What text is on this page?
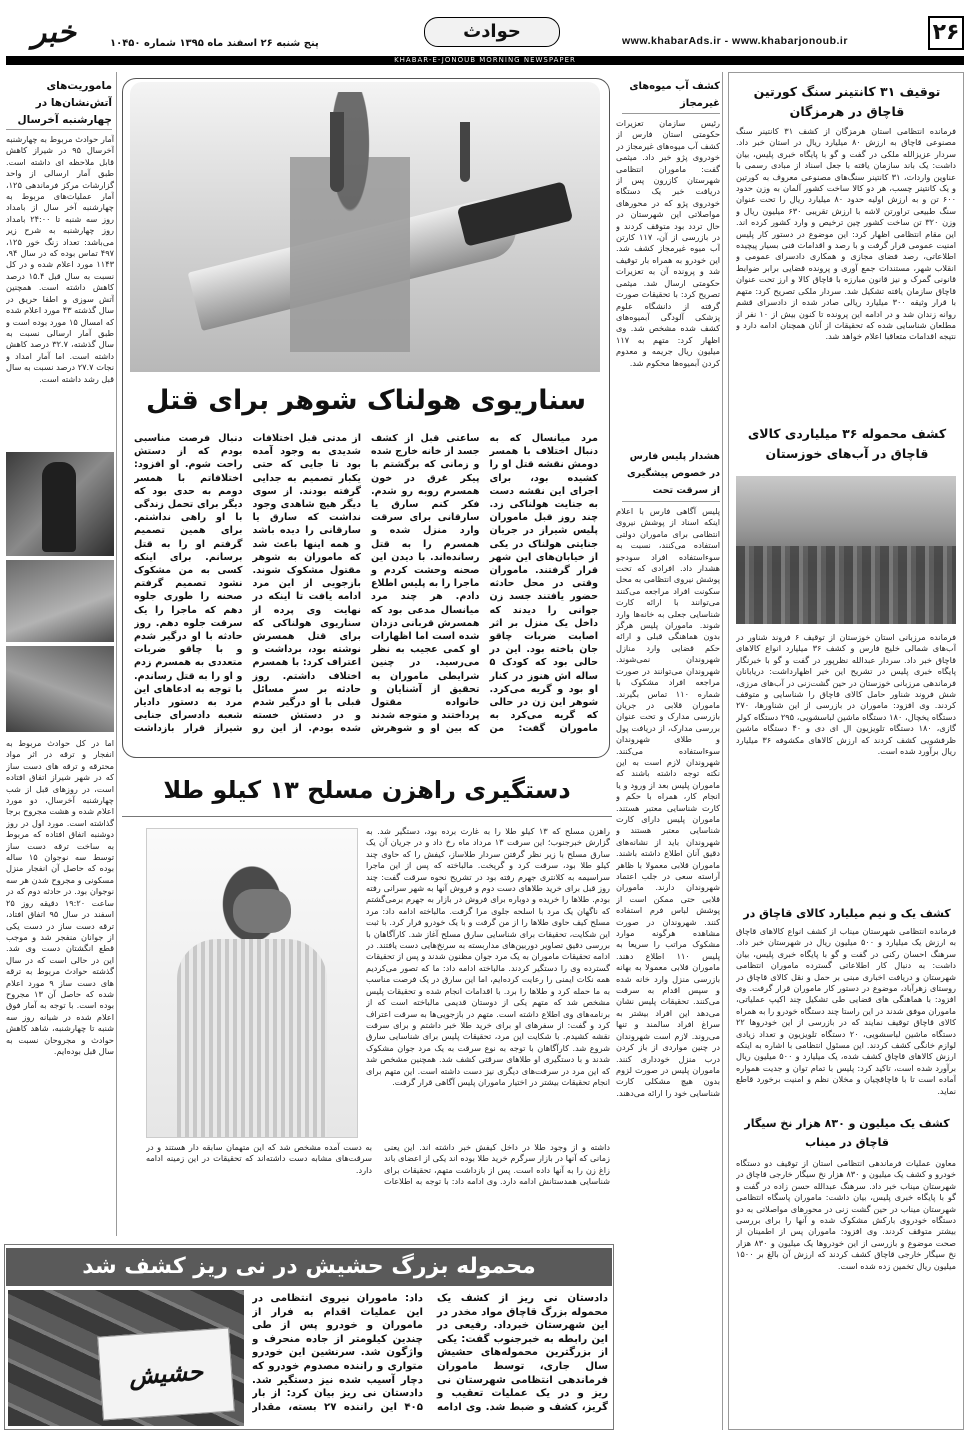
۲۶
www.khabarAds.ir - www.khabarjonoub.ir
حوادث
پنج شنبه ۲۶ اسفند ماه ۱۳۹۵ شماره ۱۰۴۵۰
خبر
KHABAR-E-JONOUB MORNING NEWSPAPER
توقیف ۳۱ کانتینر سنگ کورتین قاچاق در هرمزگان
فرمانده انتظامی استان هرمزگان از کشف ۳۱ کانتینر سنگ مصنوعی قاچاق به ارزش ۸۰ میلیارد ریال در استان خبر داد. سردار عزیزالله ملکی در گفت و گو با پایگاه خبری پلیس، بیان داشت: یک باند سازمان یافته با جعل اسناد از مبادی رسمی با عناوین واردات، ۳۱ کانتینر سنگ‌های مصنوعی معروف به کورتین و یک کانتینر چسب، هر دو کالا ساخت کشور آلمان به وزن حدود ۶۰۰ تن و به ارزش اولیه حدود ۸۰ میلیارد ریال را تحت عنوان سنگ طبیعی تراورتن لاشه با ارزش تقریبی ۶۳۰ میلیون ریال و وزن ۳۲۰ تن ساخت کشور چین ترخیص و وارد کشور کرده اند. این مقام انتظامی اظهار کرد: این موضوع در دستور کار پلیس امنیت عمومی قرار گرفت و با رصد و اقدامات فنی بسیار پیچیده اطلاعاتی، رصد فضای مجازی و همکاری دادسرای عمومی و انقلاب شهر، مستندات جمع آوری و پرونده قضایی برابر ضوابط قانونی گمرک و نیز قانون مبارزه با قاچاق کالا و ارز تحت عنوان قاچاق سازمان یافته تشکیل شد. سردار ملکی تصریح کرد: متهم با قرار وثیقه ۳۰۰ میلیارد ریالی صادر شده از دادسرای قشم روانه زندان شد و در ادامه این پرونده تا کنون بیش از ۱۰ نفر از مطلعان شناسایی شده که تحقیقات از آنان همچنان ادامه دارد و نتیجه اقدامات متعاقبا اعلام خواهد شد.
کشف محموله ۳۶ میلیاردی کالای قاچاق در آب‌های خوزستان
فرمانده مرزبانی استان خوزستان از توقیف ۶ فروند شناور در آب‌های شمالی خلیج فارس و کشف ۳۶ میلیارد انواع کالاهای قاچاق خبر داد. سردار عبدالله نظرپور در گفت و گو با خبرنگار پایگاه خبری پلیس در تشریح این خبر اظهارداشت: دریابانان فرماندهی مرزبانی خوزستان در حین گشت‌زنی در آب‌های مرزی، شش فروند شناور حامل کالای قاچاق را شناسایی و متوقف کردند. وی افزود: ماموران در بازرسی از این شناورها، ۲۷۰ دستگاه یخچال، ۱۸۰ دستگاه ماشین لباسشویی، ۲۹۵ دستگاه کولر گازی، ۱۸۰ دستگاه تلویزیون ال ای دی و ۴۰ دستگاه ماشین ظرفشویی کشف کردند که ارزش کالاهای مکشوفه ۳۶ میلیارد ریال برآورد شده است.
کشف یک و نیم میلیارد کالای قاچاق در
فرمانده انتظامی شهرستان میناب از کشف انواع کالاهای قاچاق به ارزش یک میلیارد و ۵۰۰ میلیون ریال در شهرستان خبر داد. سرهنگ احسان رکنی در گفت و گو با پایگاه خبری پلیس، بیان داشت: به دنبال کار اطلاعاتی گسترده ماموران انتظامی شهرستان و دریافت اخباری مبنی بر حمل و نقل کالای قاچاق در روستای زهرآباد، موضوع در دستور کار ماموران قرار گرفت. وی افزود: با هماهنگی های قضایی طی تشکیل چند اکیپ عملیاتی، ماموران موفق شدند در این راستا چند دستگاه خودرو را به همراه کالای قاچاق توقیف نمایند که در بازرسی از این خودروها ۲۲ دستگاه ماشین لباسشویی، ۲۰ دستگاه تلویزیون و تعداد زیادی لوازم خانگی کشف کردند. این مسئول انتظامی با اشاره به اینکه ارزش کالاهای قاچاق کشف شده، یک میلیارد و ۵۰۰ میلیون ریال برآورد شده است، تاکید کرد: پلیس با تمام توان و جدیت همواره آماده است تا با قاچاقچیان و مخلان نظم و امنیت برخورد قاطع نماید.
کشف یک میلیون و ۸۳۰ هزار نخ سیگار قاچاق در میناب
معاون عملیات فرماندهی انتظامی استان از توقیف دو دستگاه خودرو و کشف یک میلیون و ۸۳۰ هزار نخ سیگار خارجی قاچاق در شهرستان میناب خبر داد. سرهنگ عبدالله حسن زاده در گفت و گو با پایگاه خبری پلیس، بیان داشت: ماموران پاسگاه انتظامی شهرستان میناب در حین گشت زنی در محورهای مواصلاتی به دو دستگاه خودروی بارکش مشکوک شده و آنها را برای بررسی بیشتر متوقف کردند. وی افزود: ماموران پس از اطمینان از صحت موضوع و بازرسی از این خودروها یک میلیون و ۸۳۰ هزار نخ سیگار خارجی قاچاق کشف کردند که ارزش آن بالغ بر ۱۵۰۰ میلیون ریال تخمین زده شده است.
کشف آب میوه‌های غیرمجاز
رئیس سازمان تعزیرات حکومتی استان فارس از کشف آب میوه‌های غیرمجاز در خودروی پژو خبر داد. میثمی گفت: ماموران انتظامی شهرستان کازرون پس از دریافت خبر یک دستگاه خودروی پژو که در محورهای مواصلاتی این شهرستان در حال تردد بود متوقف کردند و در بازرسی از آن، ۱۱۷ کارتن آب میوه غیرمجاز کشف شد. این خودرو به همراه بار توقیف شد و پرونده آن به تعزیرات حکومتی ارسال شد. میثمی تصریح کرد: با تحقیقات صورت گرفته از دانشگاه علوم پزشکی آلودگی آبمیوه‌های کشف شده مشخص شد. وی اظهار کرد: متهم به ۱۱۷ میلیون ریال جریمه و معدوم کردن آبمیوه‌ها محکوم شد.
هشدار پلیس فارس در خصوص پیشگیری از سرقت تحت
پلیس آگاهی فارس با اعلام اینکه اسناد از پوشش نیروی انتظامی برای ماموران دولتی استفاده می‌کنند، نسبت به سوءاستفاده افراد سودجو هشدار داد. افرادی که تحت پوشش نیروی انتظامی به محل سکونت افراد مراجعه می‌کنند می‌توانند با ارائه کارت شناسایی جعلی به خانه‌ها وارد شوند. ماموران پلیس هرگز بدون هماهنگی قبلی و ارائه حکم قضایی وارد منازل شهروندان نمی‌شوند. شهروندان می‌توانند در صورت مراجعه افراد مشکوک با شماره ۱۱۰ تماس بگیرند. ماموران قلابی در جریان بازرسی مدارک و تحت عنوان بررسی مدارک، از دریافت پول و طلای شهروندان سوءاستفاده می‌کنند. شهروندان لازم است به این نکته توجه داشته باشند که ماموران پلیس بعد از ورود و یا انجام کار، همراه با حکم و کارت شناسایی معتبر هستند. ماموران پلیس دارای کارت شناسایی معتبر هستند و شهروندان باید از نشانه‌های دقیق آنان اطلاع داشته باشند. ماموران قلابی معمولا با ظاهر آراسته سعی در جلب اعتماد شهروندان دارند. ماموران قلابی حتی ممکن است از پوشش لباس فرم استفاده کنند. شهروندان در صورت مشاهده هرگونه موارد مشکوک مراتب را سریعا به پلیس ۱۱۰ اطلاع دهند. ماموران قلابی معمولا به بهانه بازرسی منزل وارد خانه شده و سپس اقدام به سرقت می‌کنند. تحقیقات پلیس نشان می‌دهد این افراد بیشتر به سراغ افراد سالمند و تنها می‌روند. لازم است شهروندان در چنین مواردی از باز کردن درب منزل خودداری کنند. ماموران پلیس در صورت لزوم بدون هیچ مشکلی کارت شناسایی خود را ارائه می‌دهند.
سناریوی هولناک شوهر برای قتل
مرد میانسال که به دنبال اختلاف با همسر دومش نقشه قتل او را کشیده بود، برای اجرای این نقشه دست به جنایت هولناکی زد. چند روز قبل ماموران پلیس شیراز در جریان جنایتی هولناک در یکی از خیابان‌های این شهر قرار گرفتند. ماموران وقتی در محل حادثه حضور یافتند جسد زن جوانی را دیدند که داخل یک منزل بر اثر اصابت ضربات چاقو جان باخته بود. این در حالی بود که کودک ۵ ساله اش هنوز در کنار او بود و گریه می‌کرد. شوهر این زن در حالی که گریه می‌کرد به ماموران گفت: من ساعتی قبل از کشف جسد از خانه خارج شده و زمانی که برگشتم با پیکر غرق در خون همسرم روبه رو شدم. فکر کنم سارق یا سارقانی برای سرقت وارد منزل شده و همسرم را به قتل رسانده‌اند. با دیدن این صحنه وحشت کردم و ماجرا را به پلیس اطلاع دادم. هر چند مرد میانسال مدعی بود که همسرش قربانی دزدان شده است اما اظهارات او کمی عجیب به نظر می‌رسید. در چنین شرایطی ماموران به تحقیق از آشنایان و خانواده مقتول پرداختند و متوجه شدند که بین او و شوهرش از مدتی قبل اختلافات شدیدی به وجود آمده بود تا جایی که حتی یکبار تصمیم به جدایی گرفته بودند. از سوی دیگر هیچ شاهدی وجود نداشت که سارق یا سارقانی را دیده باشد و همه اینها باعث شد که ماموران به شوهر مقتول مشکوک شوند. بازجویی از این مرد ادامه یافت تا اینکه در نهایت وی پرده از سناریوی هولناکی که برای قتل همسرش نوشته بود، برداشت و اعتراف کرد: با همسرم اختلاف داشتم. روز حادثه بر سر مسائل قبلی با او درگیر شدم و در دستش خسته شده بودم. از این رو دنبال فرصت مناسبی بودم که از دستش راحت شوم. او افزود: اختلافاتم با همسر دومم به حدی بود که دیگر برای تحمل زندگی با او راهی نداشتم. برای همین تصمیم گرفتم او را به قتل برسانم. برای اینکه کسی به من مشکوک نشود تصمیم گرفتم صحنه را طوری جلوه دهم که ماجرا را یک سرقت جلوه دهم. روز حادثه با او درگیر شدم و با چاقو ضربات متعددی به همسرم زدم و او را به قتل رساندم. با توجه به ادعاهای این مرد به دستور دادیار شعبه دادسرای جنایی شیراز قرار بازداشت
دستگیری راهزن مسلح ۱۳ کیلو طلا
راهزن مسلح که ۱۳ کیلو طلا را به غارت برده بود، دستگیر شد. به گزارش خبرجنوب؛ این سرقت ۱۳ مرداد ماه رخ داد و در جریان آن یک سارق مسلح با زیر نظر گرفتن سردار طلاساز، کیفش را که حاوی چند کیلو طلا بود، سرقت کرد و گریخت. مالباخته که پس از این ماجرا سراسیمه به کلانتری جهرم رفته بود در تشریح نحوه سرقت گفت: چند روز قبل برای خرید طلاهای دست دوم و فروش آنها به شهر سرانی رفته بودم. طلاها را خریده و دوباره برای فروش در بازار به جهرم برمی‌گشتم که ناگهان یک مرد با اسلحه جلوی مرا گرفت. مالباخته ادامه داد: مرد مسلح کیف حاوی طلاها را از من گرفت و با یک خودرو فرار کرد. با ثبت این شکایت، تحقیقات برای شناسایی سارق مسلح آغاز شد. کارآگاهان با بررسی دقیق تصاویر دوربین‌های مداربسته به سرنخ‌هایی دست یافتند. در ادامه تحقیقات ماموران به یک مرد جوان مظنون شدند و پس از تحقیقات گسترده وی را دستگیر کردند. مالباخته ادامه داد: ما که تصور می‌کردیم همه نکات ایمنی را رعایت کرده‌ایم، اما این سارق در یک فرصت مناسب به ما حمله کرد و طلاها را برد. با اقدامات انجام شده و تحقیقات پلیس مشخص شد که متهم یکی از دوستان قدیمی مالباخته است که از برنامه‌های وی اطلاع داشته است. متهم در بازجویی‌ها به سرقت اعتراف کرد و گفت: از سفرهای او برای خرید طلا خبر داشتم و برای سرقت نقشه کشیدم. با شکایت این مرد، تحقیقات پلیس برای شناسایی سارق شروع شد. کارآگاهان با توجه به نوع سرقت به یک مرد جوان مشکوک شدند و با دستگیری او طلاهای سرقتی کشف شد. همچنین مشخص شد که این مرد در سرقت‌های دیگری نیز دست داشته است. این متهم برای انجام تحقیقات بیشتر در اختیار ماموران پلیس آگاهی قرار گرفت.
داشته و از وجود طلا در داخل کیفش خبر داشته اند. این یعنی زمانی که آنها در بازار سرگرم خرید طلا بوده اند یکی از اعضای باند زاغ زن را به آنها داده است. پس از بازداشت متهم، تحقیقات برای شناسایی همدستانش ادامه دارد. وی ادامه داد: با توجه به اطلاعات به دست آمده مشخص شد که این متهمان سابقه دار هستند و در سرقت‌های مشابه دست داشته‌اند که تحقیقات در این زمینه ادامه دارد.
ماموریت‌های آتش‌نشان‌ها در چهارشنبه آخرسال
آمار حوادث مربوط به چهارشنبه آخرسال ۹۵ در شیراز کاهش قابل ملاحظه ای داشته است. طبق آمار ارسالی از واحد گزارشات مرکز فرماندهی ۱۲۵، آمار عملیات‌های مربوط به چهارشنبه آخر سال از بامداد روز سه شنبه تا ۲۴:۰۰ بامداد روز چهارشنبه به شرح زیر می‌باشد: تعداد زنگ خور ۱۲۵، ۴۹۷ تماس بوده که در سال ۹۴، ۱۱۴۳ مورد اعلام شده و در کل نسبت به سال قبل ۱۵.۴ درصد کاهش داشته است. همچنین آتش سوزی و اطفا حریق در سال گذشته ۴۳ مورد اعلام شده که امسال ۱۵ مورد بوده است و طبق آمار ارسالی نسبت به سال گذشته، ۳۲.۷ درصد کاهش داشته است. اما آمار امداد و نجات ۲۷.۷ درصد نسبت به سال قبل رشد داشته است.
اما در کل حوادث مربوط به انفجار و ترقه در اثر مواد محترقه و ترقه های دست ساز که در شهر شیراز اتفاق افتاده است، در روزهای قبل از شب چهارشنبه آخرسال، دو مورد اعلام شده و هشت مجروح برجا گذاشته است. مورد اول در روز دوشنبه اتفاق افتاده که مربوط به ساخت ترقه دست ساز توسط سه نوجوان ۱۵ ساله بوده که حاصل آن انفجار منزل مسکونی و مجروح شدن هر سه نوجوان بود. در حادثه دوم که در ساعت ۱۹:۲۰ دقیقه روز ۲۵ اسفند در سال ۹۵ اتفاق افتاد، ترقه دست ساز در دست یکی از جوانان منفجر شد و موجب قطع انگشتان دست وی شد. این در حالی است که در سال گذشته حوادث مربوط به ترقه های دست ساز ۹ مورد اعلام شده که حاصل آن ۱۳ مجروح بوده است. با توجه به آمار فوق اعلام شده در شبانه روز سه شنبه تا چهارشنبه، شاهد کاهش حوادث و مجروحان نسبت به سال قبل بوده‌ایم.
محموله بزرگ حشیش در نی ریز کشف شد
حشیش
دادستان نی ریز از کشف یک محموله بزرگ قاچاق مواد مخدر در این شهرستان خبرداد. رفیعی در این رابطه به خبرجنوب گفت: یکی از بزرگترین محموله‌های حشیش سال جاری، توسط ماموران فرماندهی انتظامی شهرستان نی ریز و در یک عملیات تعقیب و گریز، کشف و ضبط شد. وی ادامه داد: ماموران نیروی انتظامی در این عملیات اقدام به فرار از ماموران و خودرو پس از طی چندین کیلومتر از جاده منحرف و واژگون شد. سرنشین این خودرو متواری و راننده مصدوم خودرو که دچار آسیب شده نیز دستگیر شد. دادستان نی ریز بیان کرد: از بار ۴۰۵ این راننده ۲۷ بسته، مقدار
